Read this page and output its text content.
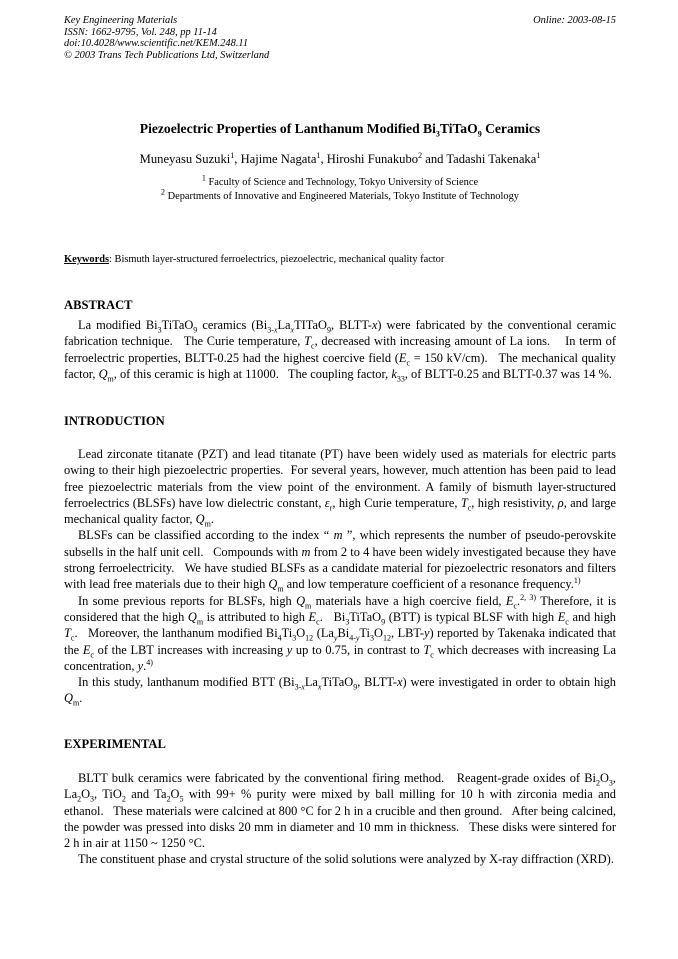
Key Engineering Materials
ISSN: 1662-9795, Vol. 248, pp 11-14
doi:10.4028/www.scientific.net/KEM.248.11
© 2003 Trans Tech Publications Ltd, Switzerland
Online: 2003-08-15
Piezoelectric Properties of Lanthanum Modified $Bi_3TiTaO_9$ Ceramics
Muneyasu Suzuki$^1$, Hajime Nagata$^1$, Hiroshi Funakubo$^2$ and Tadashi Takenaka$^1$
$^1$ Faculty of Science and Technology, Tokyo University of Science
$^2$ Departments of Innovative and Engineered Materials, Tokyo Institute of Technology
Keywords: Bismuth layer-structured ferroelectrics, piezoelectric, mechanical quality factor
ABSTRACT

La modified $Bi_3TiTaO_9$ ceramics ($Bi_{3-x}La_xTITaO_9$, BLTT-x) were fabricated by the conventional ceramic fabrication technique.   The Curie temperature, $T_c$, decreased with increasing amount of La ions.    In term of ferroelectric properties, BLTT-0.25 had the highest coercive field ($E_c = 150$ kV/cm).   The mechanical quality factor, $Q_m$, of this ceramic is high at 11000.   The coupling factor, $k_{33}$, of BLTT-0.25 and BLTT-0.37 was 14 %.

INTRODUCTION

Lead zirconate titanate (PZT) and lead titanate (PT) have been widely used as materials for electric parts owing to their high piezoelectric properties.  For several years, however, much attention has been paid to lead free piezoelectric materials from the view point of the environment. A family of bismuth layer-structured ferroelectrics (BLSFs) have low dielectric constant, $\varepsilon_r$, high Curie temperature, $T_c$, high resistivity, ρ, and large mechanical quality factor, $Q_m$.

BLSFs can be classified according to the index “ m ”, which represents the number of pseudo-perovskite subsells in the half unit cell.   Compounds with m from 2 to 4 have been widely investigated because they have strong ferroelectricity.   We have studied BLSFs as a candidate material for piezoelectric resonators and filters with lead free materials due to their high $Q_m$ and low temperature coefficient of a resonance frequency.$^{1)}$

In some previous reports for BLSFs, high $Q_m$ materials have a high coercive field, $E_c.^{2, 3)}$ Therefore, it is considered that the high $Q_m$ is attributed to high $E_c$.   $Bi_3TiTaO_9$ (BTT) is typical BLSF with high $E_c$ and high $T_c$.   Moreover, the lanthanum modified $Bi_4Ti_3O_{12}$ ($La_yBi_{4-y}Ti_3O_{12}$, LBT-y) reported by Takenaka indicated that the $E_c$ of the LBT increases with increasing y up to 0.75, in contrast to $T_c$ which decreases with increasing La concentration, y.$^{4)}$

In this study, lanthanum modified BTT ($Bi_{3-x}La_xTiTaO_9$, BLTT-x) were investigated in order to obtain high $Q_m$.

EXPERIMENTAL

BLTT bulk ceramics were fabricated by the conventional firing method.   Reagent-grade oxides of $Bi_2O_3$, $La_2O_3$, TiO$_2$ and $Ta_2O_5$ with 99+ % purity were mixed by ball milling for 10 h with zirconia media and ethanol.   These materials were calcined at 800 °C for 2 h in a crucible and then ground.   After being calcined, the powder was pressed into disks 20 mm in diameter and 10 mm in thickness.   These disks were sintered for 2 h in air at 1150 ~ 1250 °C.

The constituent phase and crystal structure of the solid solutions were analyzed by X-ray diffraction (XRD).
